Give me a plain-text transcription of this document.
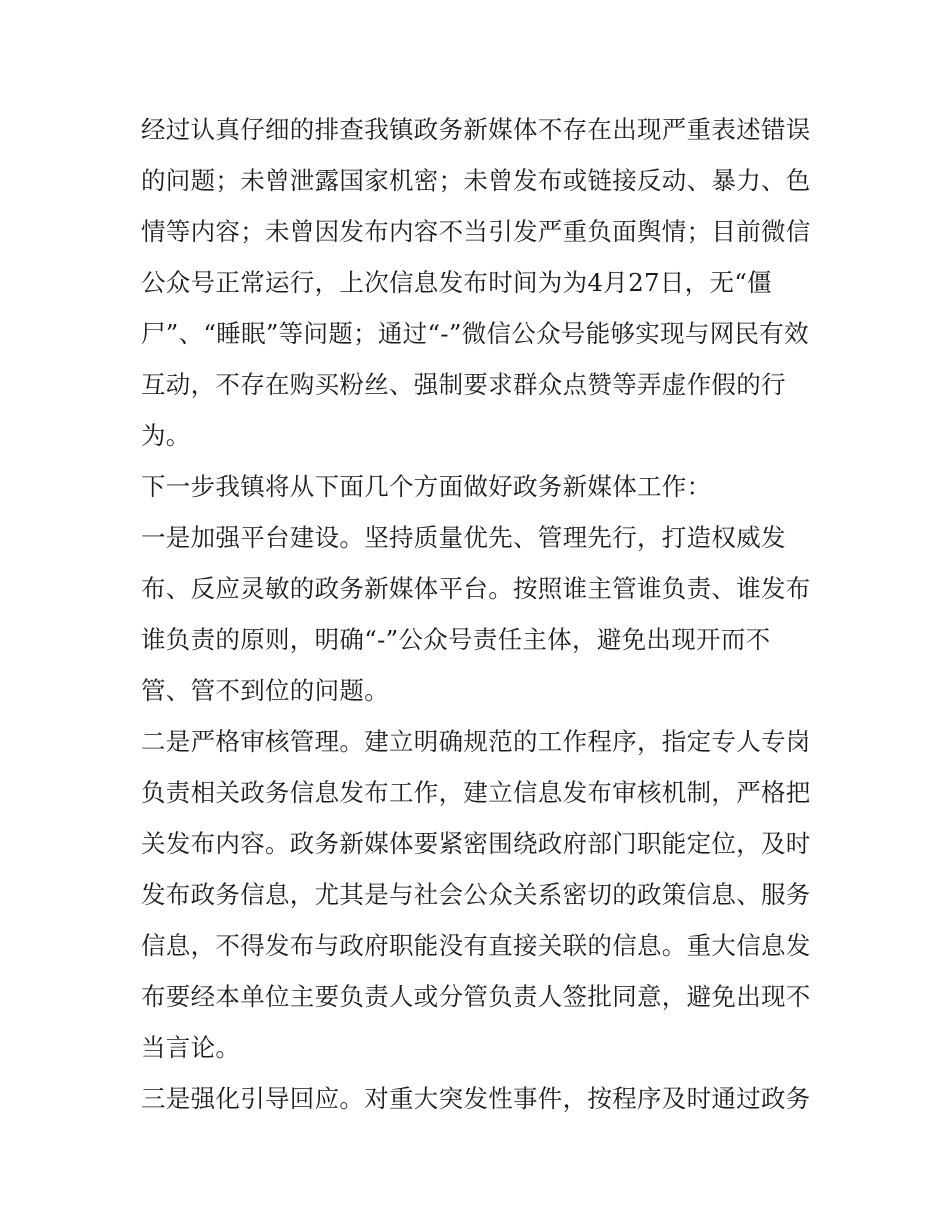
经过认真仔细的排查我镇政务新媒体不存在出现严重表述错误
的问题；未曾泄露国家机密；未曾发布或链接反动、暴力、色
情等内容；未曾因发布内容不当引发严重负面舆情；目前微信
公众号正常运行，上次信息发布时间为为4月27日，无“僵
尸”、“睡眠”等问题；通过“-”微信公众号能够实现与网民有效
互动，不存在购买粉丝、强制要求群众点赞等弄虚作假的行
为。
下一步我镇将从下面几个方面做好政务新媒体工作：
一是加强平台建设。坚持质量优先、管理先行，打造权威发
布、反应灵敏的政务新媒体平台。按照谁主管谁负责、谁发布
谁负责的原则，明确“-”公众号责任主体，避免出现开而不
管、管不到位的问题。
二是严格审核管理。建立明确规范的工作程序，指定专人专岗
负责相关政务信息发布工作，建立信息发布审核机制，严格把
关发布内容。政务新媒体要紧密围绕政府部门职能定位，及时
发布政务信息，尤其是与社会公众关系密切的政策信息、服务
信息，不得发布与政府职能没有直接关联的信息。重大信息发
布要经本单位主要负责人或分管负责人签批同意，避免出现不
当言论。
三是强化引导回应。对重大突发性事件，按程序及时通过政务
